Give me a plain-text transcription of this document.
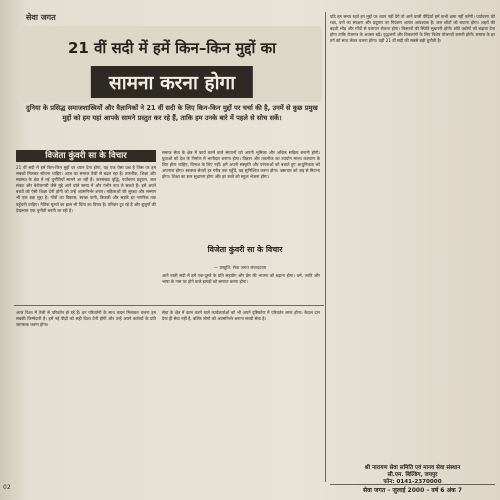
सेवा जगत
21 वीं सदी में हमें किन–किन मुद्दों का
सामना करना होगा
दुनिया के प्रसिद्ध समाजशास्त्रियों और वैज्ञानिकों ने 21 वीं सदी के लिए किन-किन मुद्दों पर चर्चा की है, उनमें से कुछ प्रमुख मुद्दों को हम यहां आपके सामने प्रस्तुत कर रहे हैं, ताकि हम उनके बारे में पहले से सोच सकें।
यदि हम समय रहते इन मुद्दों पर ध्यान नहीं देंगे तो आने वाली पीढ़ियाँ हमें कभी क्षमा नहीं करेंगी। पर्यावरण की रक्षा, वनों का संरक्षण और प्रदूषण पर नियंत्रण अत्यंत आवश्यक है। जल स्रोतों को बचाना होगा। शहरों की बढ़ती भीड़ और गाँवों से पलायन रोकना होगा। किसानों की स्थिति सुधारनी होगी। छोटे उद्योगों को बढ़ावा देना होगा ताकि रोजगार के अवसर बढ़ें। वृद्धजनों और विकलांगों के लिए विशेष योजनाएँ बनानी होंगी। समाज के हर वर्ग को साथ लेकर चलना होगा। यही 21 वीं सदी की सबसे बड़ी चुनौती है।
विजेता कुंवरी सा के विचार
21 वीं सदी में हमें किन-किन मुद्दों पर ध्यान देना होगा, यह एक ऐसा प्रश्न है जिस पर हम सबको मिलकर सोचना चाहिए। आज का समाज तेजी से बदल रहा है। तकनीक, शिक्षा और स्वास्थ्य के क्षेत्र में नई चुनौतियाँ सामने आ रही हैं। जनसंख्या वृद्धि, पर्यावरण प्रदूषण, जल संकट और बेरोजगारी जैसे मुद्दे आने वाले समय में और गंभीर रूप ले सकते हैं। हमें अपने बच्चों को ऐसी शिक्षा देनी होगी जो उन्हें आत्मनिर्भर बनाए। महिलाओं की सुरक्षा और सम्मान भी एक बड़ा मुद्दा है। गाँवों का विकास, स्वच्छ पानी, बिजली और सड़कें हर नागरिक तक पहुँचनी चाहिए। नैतिक मूल्यों का ह्रास भी चिंता का विषय है। परिवार टूट रहे हैं और बुजुर्गों की देखभाल एक चुनौती बनती जा रही है।
समाज सेवा के क्षेत्र में कार्य करने वाले संगठनों को अपनी भूमिका और अधिक सक्रिय बनानी होगी। युवाओं को देश के निर्माण में भागीदार बनाना होगा। विज्ञान और तकनीक का उपयोग मानव कल्याण के लिए होना चाहिए, विनाश के लिए नहीं। हमें अपनी संस्कृति और परंपराओं को बचाते हुए आधुनिकता को अपनाना होगा। स्वास्थ्य सेवाएँ हर गरीब तक पहुँचें, यह सुनिश्चित करना होगा। भ्रष्टाचार को जड़ से मिटाना होगा। शिक्षा का स्तर सुधारना होगा और हर बच्चे को स्कूल भेजना होगा।
विजेता कुंवरी सा के विचार
— प्रस्तुति: सेवा जगत संवाददाता
आने वाली सदी में हमें एक-दूसरे के प्रति सहयोग और प्रेम की भावना को बढ़ाना होगा। धर्म, जाति और भाषा के नाम पर होने वाले झगड़ों को समाप्त करना होगा।
आज विश्व में तेजी से परिवर्तन हो रहे हैं। इन परिवर्तनों के साथ कदम मिलाकर चलना हम सबकी जिम्मेदारी है। हमें नई पीढ़ी को सही दिशा देनी होगी और उन्हें अपने कर्तव्यों के प्रति जागरूक करना होगा।
सेवा के क्षेत्र में काम करने वाले कार्यकर्ताओं को भी अपने दृष्टिकोण में परिवर्तन लाना होगा। केवल दान देना ही सेवा नहीं है, बल्कि लोगों को आत्मनिर्भर बनाना सच्ची सेवा है।
श्री नारायण सेवा समिति एवं मानव सेवा संस्थान
सी.एम. बिल्डिंग, जयपुर
फोन: 0141-2370000
02	सेवा जगत – जुलाई 2000 – वर्ष 6 अंक 7
